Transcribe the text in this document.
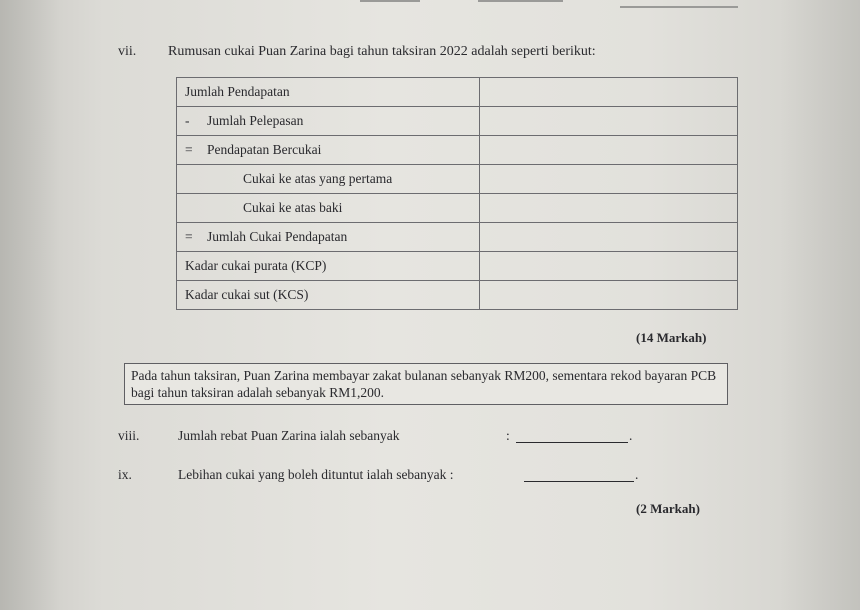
vii. Rumusan cukai Puan Zarina bagi tahun taksiran 2022 adalah seperti berikut:
Jumlah Pendapatan	
- Jumlah Pelepasan	
= Pendapatan Bercukai	
Cukai ke atas yang pertama	
Cukai ke atas baki	
= Jumlah Cukai Pendapatan	
Kadar cukai purata (KCP)	
Kadar cukai sut (KCS)	
(14 Markah)
Pada tahun taksiran, Puan Zarina membayar zakat bulanan sebanyak RM200, sementara rekod bayaran PCB bagi tahun taksiran adalah sebanyak RM1,200.
viii.	Jumlah rebat Puan Zarina ialah sebanyak	:	.
ix.	Lebihan cukai yang boleh dituntut ialah sebanyak :	.
(2 Markah)
